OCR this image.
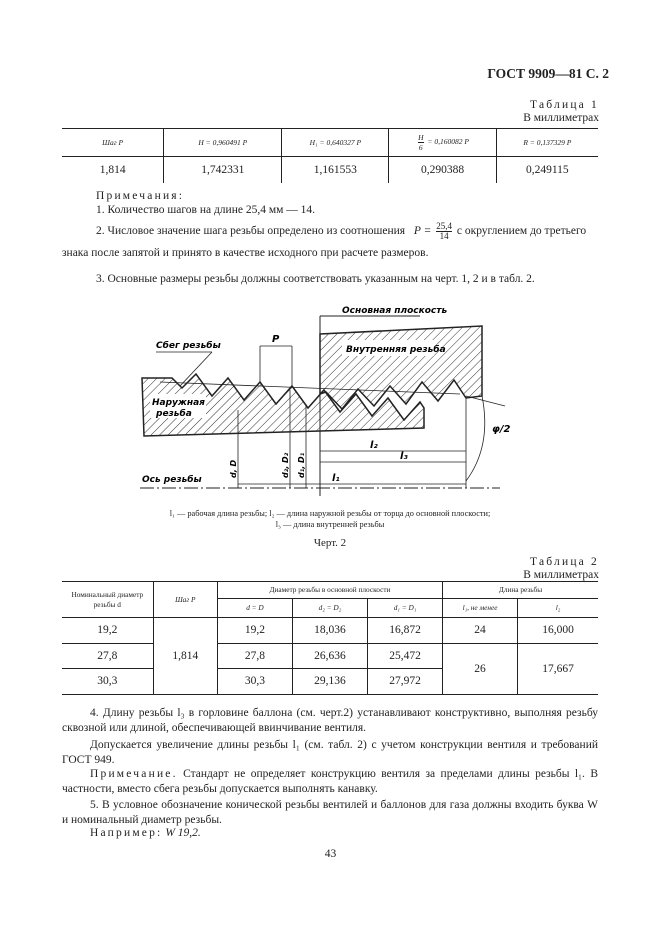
ГОСТ 9909—81 С. 2
Таблица 1
В миллиметрах
Шаг P	H = 0,960491 P	H₁ = 0,640327 P	$\frac{H}{6} = 0,160082$ P	R = 0,137329 P
1,814	1,742331	1,161553	0,290388	0,249115
Примечания:
1. Количество шагов на длине 25,4 мм — 14.
2. Числовое значение шага резьбы определено из соотношения $P = \frac{25,4}{14}$ с округлением до третьего
знака после запятой и принято в качестве исходного при расчете размеров.
3. Основные размеры резьбы должны соответствовать указанным на черт. 1, 2 и в табл. 2.
Основная плоскость
Внутренняя резьба
Наружная
резьба
Сбег резьбы
P
Ось резьбы
φ/2
l₁
l₂
l₃
d, D	d₂, D₂ d₁, D₁
l₁ — рабочая длина резьбы; l₂ — длина наружной резьбы от торца до основной плоскости;
l₃ — длина внутренней резьбы
Черт. 2
Таблица 2
В миллиметрах
Номинальный диаметр резьбы d	Шаг P	Диаметр резьбы в основной плоскости			Длина резьбы	
		d = D	d₂ = D₂	d₁ = D₁	l₁, не менее	l₂
19,2	1,814	19,2	18,036	16,872	24	16,000
27,8		27,8	26,636	25,472	26	17,667
30,3		30,3	29,136	27,972		
4. Длину резьбы l₃ в горловине баллона (см. черт.2) устанавливают конструктивно, выполняя резьбу сквозной или длиной, обеспечивающей ввинчивание вентиля.
Допускается увеличение длины резьбы l₁ (см. табл. 2) с учетом конструкции вентиля и требований ГОСТ 949.
Примечание. Стандарт не определяет конструкцию вентиля за пределами длины резьбы l₁. В частности, вместо сбега резьбы допускается выполнять канавку.
5. В условное обозначение конической резьбы вентилей и баллонов для газа должны входить буква W и номинальный диаметр резьбы.
Например: W 19,2.
43
